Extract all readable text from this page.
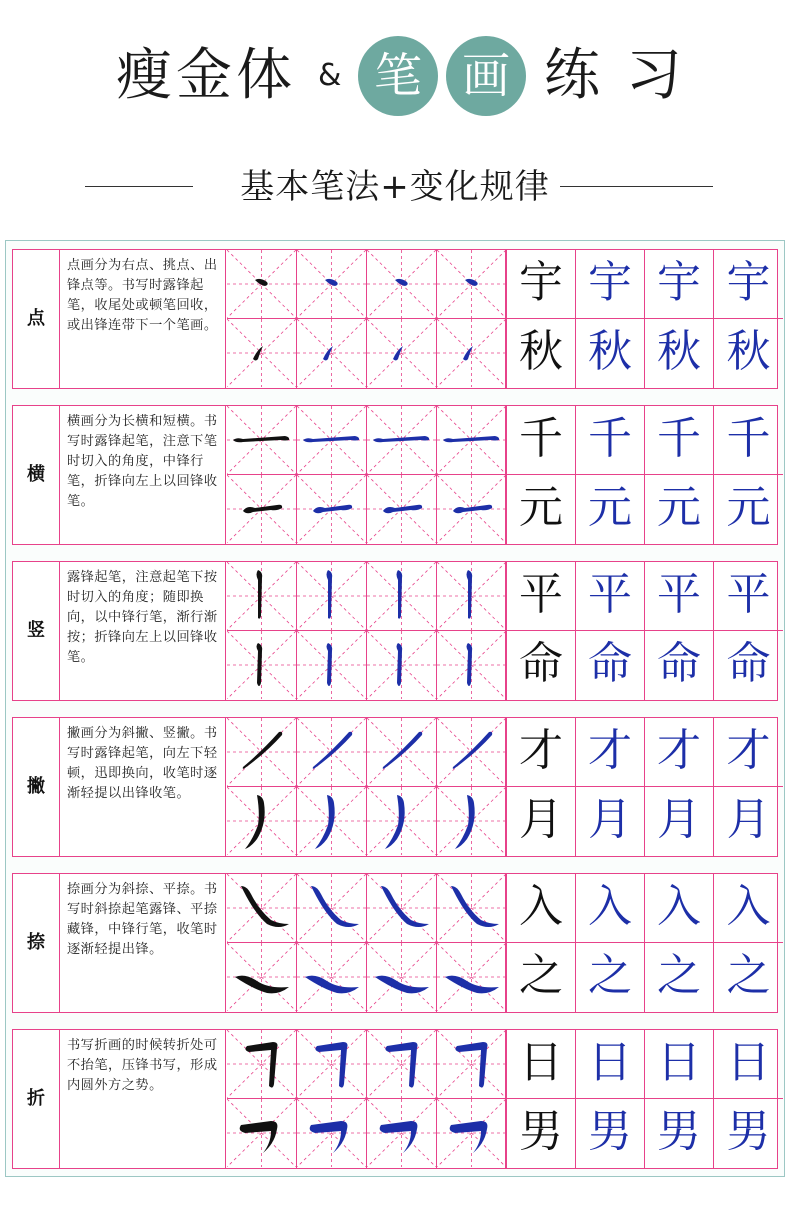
瘦金体 & 笔 画 练 习
基本笔法+变化规律
点
点画分为右点、挑点、出锋点等。书写时露锋起笔，收尾处或顿笔回收，或出锋连带下一个笔画。
宇 宇 宇 宇
秋 秋 秋 秋
横
横画分为长横和短横。书写时露锋起笔，注意下笔时切入的角度，中锋行笔，折锋向左上以回锋收笔。
千 千 千 千
元 元 元 元
竖
露锋起笔，注意起笔下按时切入的角度；随即换向，以中锋行笔，渐行渐按；折锋向左上以回锋收笔。
平 平 平 平
命 命 命 命
撇
撇画分为斜撇、竖撇。书写时露锋起笔，向左下轻顿，迅即换向，收笔时逐渐轻提以出锋收笔。
才 才 才 才
月 月 月 月
捺
捺画分为斜捺、平捺。书写时斜捺起笔露锋、平捺藏锋，中锋行笔，收笔时逐渐轻提出锋。
入 入 入 入
之 之 之 之
折
书写折画的时候转折处可不抬笔，压锋书写，形成内圆外方之势。	日 日 日 日
男 男 男 男
